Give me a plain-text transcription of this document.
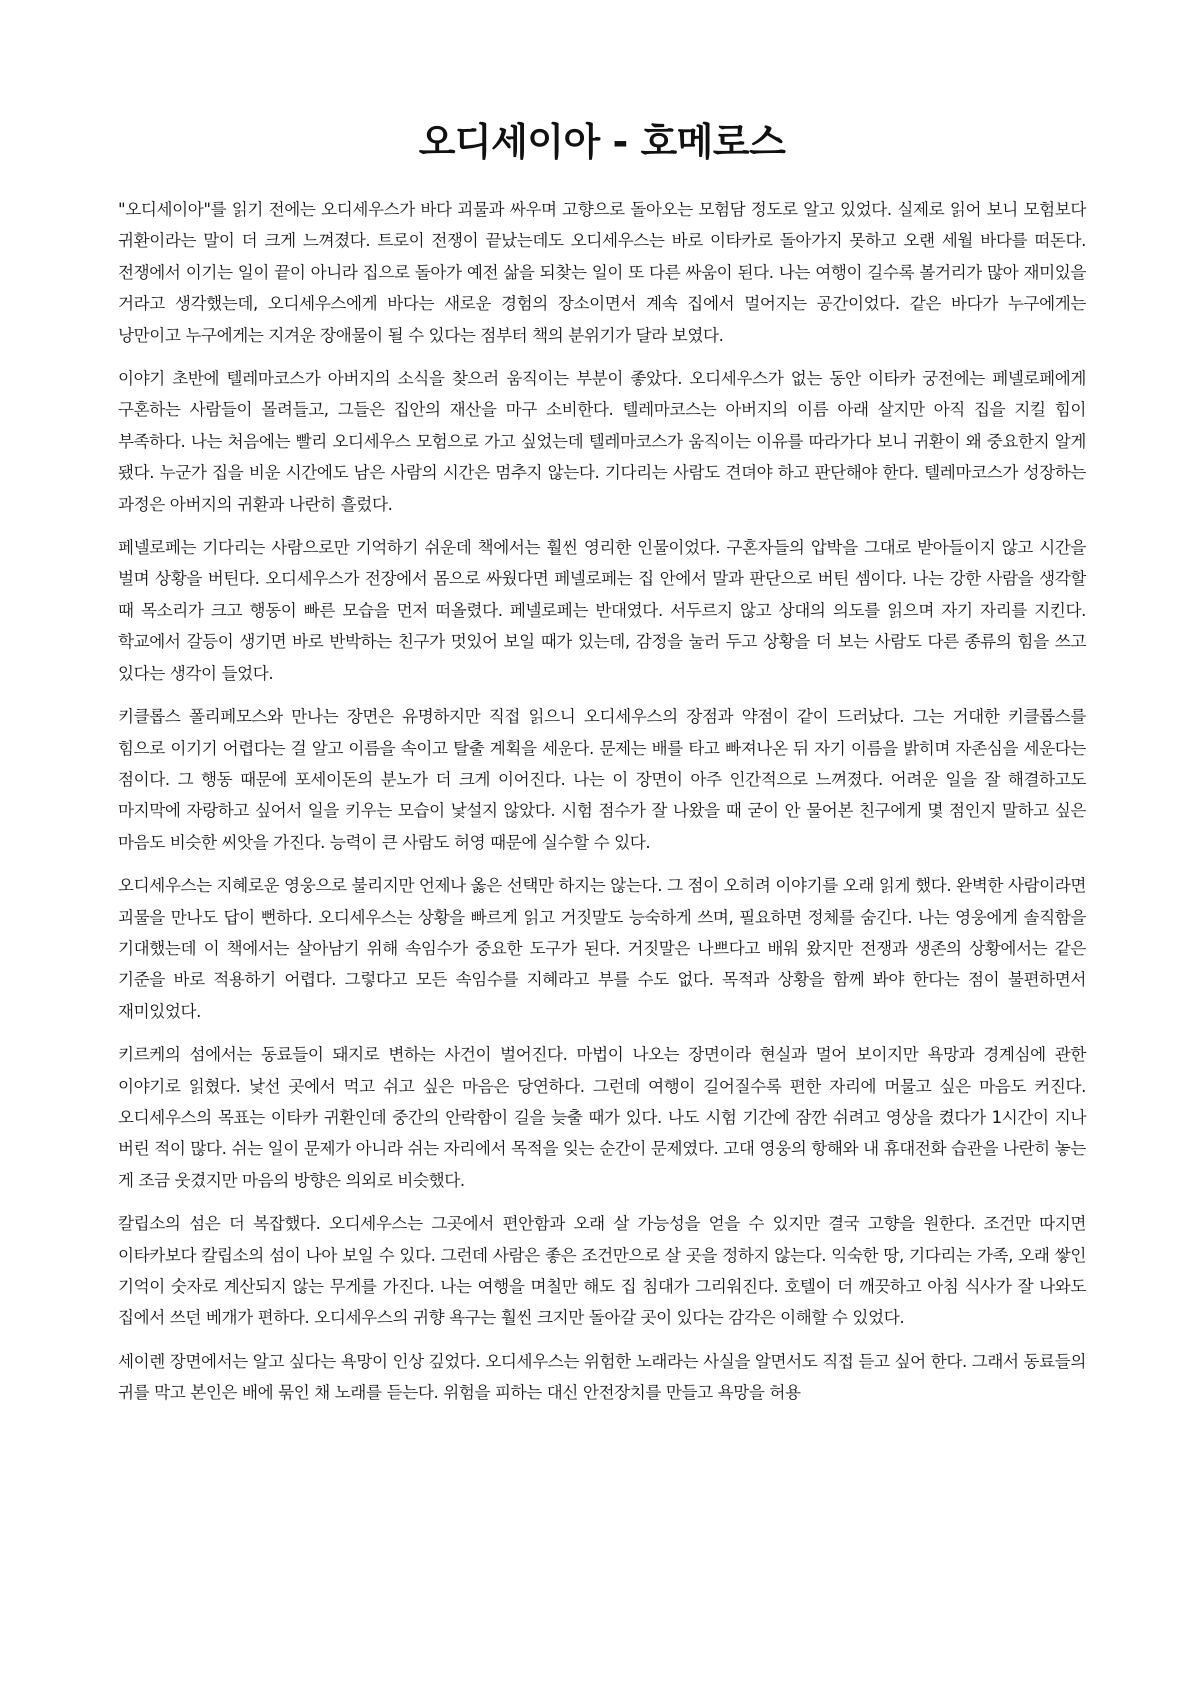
오디세이아 - 호메로스

"오디세이아"를 읽기 전에는 오디세우스가 바다 괴물과 싸우며 고향으로 돌아오는 모험담 정도로 알고 있었다. 실제로 읽어 보니 모험보다 귀환이라는 말이 더 크게 느껴졌다. 트로이 전쟁이 끝났는데도 오디세우스는 바로 이타카로 돌아가지 못하고 오랜 세월 바다를 떠돈다. 전쟁에서 이기는 일이 끝이 아니라 집으로 돌아가 예전 삶을 되찾는 일이 또 다른 싸움이 된다. 나는 여행이 길수록 볼거리가 많아 재미있을 거라고 생각했는데, 오디세우스에게 바다는 새로운 경험의 장소이면서 계속 집에서 멀어지는 공간이었다. 같은 바다가 누구에게는 낭만이고 누구에게는 지겨운 장애물이 될 수 있다는 점부터 책의 분위기가 달라 보였다.

이야기 초반에 텔레마코스가 아버지의 소식을 찾으러 움직이는 부분이 좋았다. 오디세우스가 없는 동안 이타카 궁전에는 페넬로페에게 구혼하는 사람들이 몰려들고, 그들은 집안의 재산을 마구 소비한다. 텔레마코스는 아버지의 이름 아래 살지만 아직 집을 지킬 힘이 부족하다. 나는 처음에는 빨리 오디세우스 모험으로 가고 싶었는데 텔레마코스가 움직이는 이유를 따라가다 보니 귀환이 왜 중요한지 알게 됐다. 누군가 집을 비운 시간에도 남은 사람의 시간은 멈추지 않는다. 기다리는 사람도 견뎌야 하고 판단해야 한다. 텔레마코스가 성장하는 과정은 아버지의 귀환과 나란히 흘렀다.

페넬로페는 기다리는 사람으로만 기억하기 쉬운데 책에서는 훨씬 영리한 인물이었다. 구혼자들의 압박을 그대로 받아들이지 않고 시간을 벌며 상황을 버틴다. 오디세우스가 전장에서 몸으로 싸웠다면 페넬로페는 집 안에서 말과 판단으로 버틴 셈이다. 나는 강한 사람을 생각할 때 목소리가 크고 행동이 빠른 모습을 먼저 떠올렸다. 페넬로페는 반대였다. 서두르지 않고 상대의 의도를 읽으며 자기 자리를 지킨다. 학교에서 갈등이 생기면 바로 반박하는 친구가 멋있어 보일 때가 있는데, 감정을 눌러 두고 상황을 더 보는 사람도 다른 종류의 힘을 쓰고 있다는 생각이 들었다.

키클롭스 폴리페모스와 만나는 장면은 유명하지만 직접 읽으니 오디세우스의 장점과 약점이 같이 드러났다. 그는 거대한 키클롭스를 힘으로 이기기 어렵다는 걸 알고 이름을 속이고 탈출 계획을 세운다. 문제는 배를 타고 빠져나온 뒤 자기 이름을 밝히며 자존심을 세운다는 점이다. 그 행동 때문에 포세이돈의 분노가 더 크게 이어진다. 나는 이 장면이 아주 인간적으로 느껴졌다. 어려운 일을 잘 해결하고도 마지막에 자랑하고 싶어서 일을 키우는 모습이 낯설지 않았다. 시험 점수가 잘 나왔을 때 굳이 안 물어본 친구에게 몇 점인지 말하고 싶은 마음도 비슷한 씨앗을 가진다. 능력이 큰 사람도 허영 때문에 실수할 수 있다.

오디세우스는 지혜로운 영웅으로 불리지만 언제나 옳은 선택만 하지는 않는다. 그 점이 오히려 이야기를 오래 읽게 했다. 완벽한 사람이라면 괴물을 만나도 답이 뻔하다. 오디세우스는 상황을 빠르게 읽고 거짓말도 능숙하게 쓰며, 필요하면 정체를 숨긴다. 나는 영웅에게 솔직함을 기대했는데 이 책에서는 살아남기 위해 속임수가 중요한 도구가 된다. 거짓말은 나쁘다고 배워 왔지만 전쟁과 생존의 상황에서는 같은 기준을 바로 적용하기 어렵다. 그렇다고 모든 속임수를 지혜라고 부를 수도 없다. 목적과 상황을 함께 봐야 한다는 점이 불편하면서 재미있었다.

키르케의 섬에서는 동료들이 돼지로 변하는 사건이 벌어진다. 마법이 나오는 장면이라 현실과 멀어 보이지만 욕망과 경계심에 관한 이야기로 읽혔다. 낯선 곳에서 먹고 쉬고 싶은 마음은 당연하다. 그런데 여행이 길어질수록 편한 자리에 머물고 싶은 마음도 커진다. 오디세우스의 목표는 이타카 귀환인데 중간의 안락함이 길을 늦출 때가 있다. 나도 시험 기간에 잠깐 쉬려고 영상을 켰다가 1시간이 지나 버린 적이 많다. 쉬는 일이 문제가 아니라 쉬는 자리에서 목적을 잊는 순간이 문제였다. 고대 영웅의 항해와 내 휴대전화 습관을 나란히 놓는 게 조금 웃겼지만 마음의 방향은 의외로 비슷했다.

칼립소의 섬은 더 복잡했다. 오디세우스는 그곳에서 편안함과 오래 살 가능성을 얻을 수 있지만 결국 고향을 원한다. 조건만 따지면 이타카보다 칼립소의 섬이 나아 보일 수 있다. 그런데 사람은 좋은 조건만으로 살 곳을 정하지 않는다. 익숙한 땅, 기다리는 가족, 오래 쌓인 기억이 숫자로 계산되지 않는 무게를 가진다. 나는 여행을 며칠만 해도 집 침대가 그리워진다. 호텔이 더 깨끗하고 아침 식사가 잘 나와도 집에서 쓰던 베개가 편하다. 오디세우스의 귀향 욕구는 훨씬 크지만 돌아갈 곳이 있다는 감각은 이해할 수 있었다.

세이렌 장면에서는 알고 싶다는 욕망이 인상 깊었다. 오디세우스는 위험한 노래라는 사실을 알면서도 직접 듣고 싶어 한다. 그래서 동료들의 귀를 막고 본인은 배에 묶인 채 노래를 듣는다. 위험을 피하는 대신 안전장치를 만들고 욕망을 허용
